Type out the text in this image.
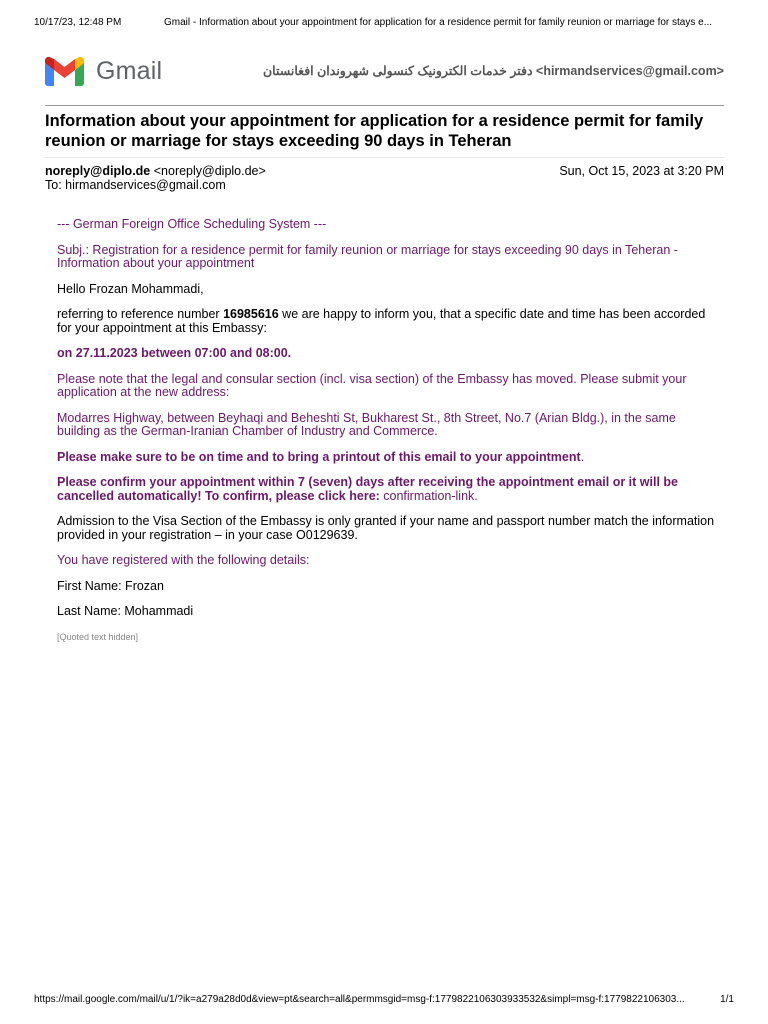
10/17/23, 12:48 PM	Gmail - Information about your appointment for application for a residence permit for family reunion or marriage for stays e...
Gmail	دفتر خدمات الکترونیک کنسولی شهروندان افغانستان <hirmandservices@gmail.com>
Information about your appointment for application for a residence permit for family reunion or marriage for stays exceeding 90 days in Teheran
noreply@diplo.de <noreply@diplo.de>	Sun, Oct 15, 2023 at 3:20 PM
To: hirmandservices@gmail.com

--- German Foreign Office Scheduling System ---

Subj.: Registration for a residence permit for family reunion or marriage for stays exceeding 90 days in Teheran - Information about your appointment

Hello Frozan Mohammadi,

referring to reference number 16985616 we are happy to inform you, that a specific date and time has been accorded for your appointment at this Embassy:

on 27.11.2023 between 07:00 and 08:00.

Please note that the legal and consular section (incl. visa section) of the Embassy has moved. Please submit your application at the new address:

Modarres Highway, between Beyhaqi and Beheshti St, Bukharest St., 8th Street, No.7 (Arian Bldg.), in the same building as the German-Iranian Chamber of Industry and Commerce.

Please make sure to be on time and to bring a printout of this email to your appointment.

Please confirm your appointment within 7 (seven) days after receiving the appointment email or it will be cancelled automatically! To confirm, please click here: confirmation-link.

Admission to the Visa Section of the Embassy is only granted if your name and passport number match the information provided in your registration – in your case O0129639.

You have registered with the following details:

First Name: Frozan

Last Name: Mohammadi

[Quoted text hidden]
https://mail.google.com/mail/u/1/?ik=a279a28d0d&view=pt&search=all&permmsgid=msg-f:1779822106303933532&simpl=msg-f:1779822106303...	1/1
